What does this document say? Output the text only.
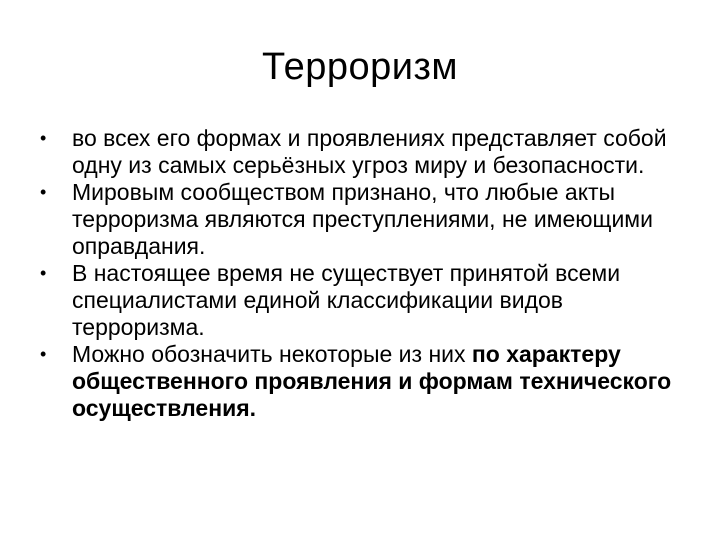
Терроризм
• во всех его формах и проявлениях представляет собой одну из самых серьёзных угроз миру и безопасности.
• Мировым сообществом признано, что любые акты терроризма являются преступлениями, не имеющими оправдания.
• В настоящее время не существует принятой всеми специалистами единой классификации видов терроризма.
• Можно обозначить некоторые из них по характеру общественного проявления и формам технического осуществления.
